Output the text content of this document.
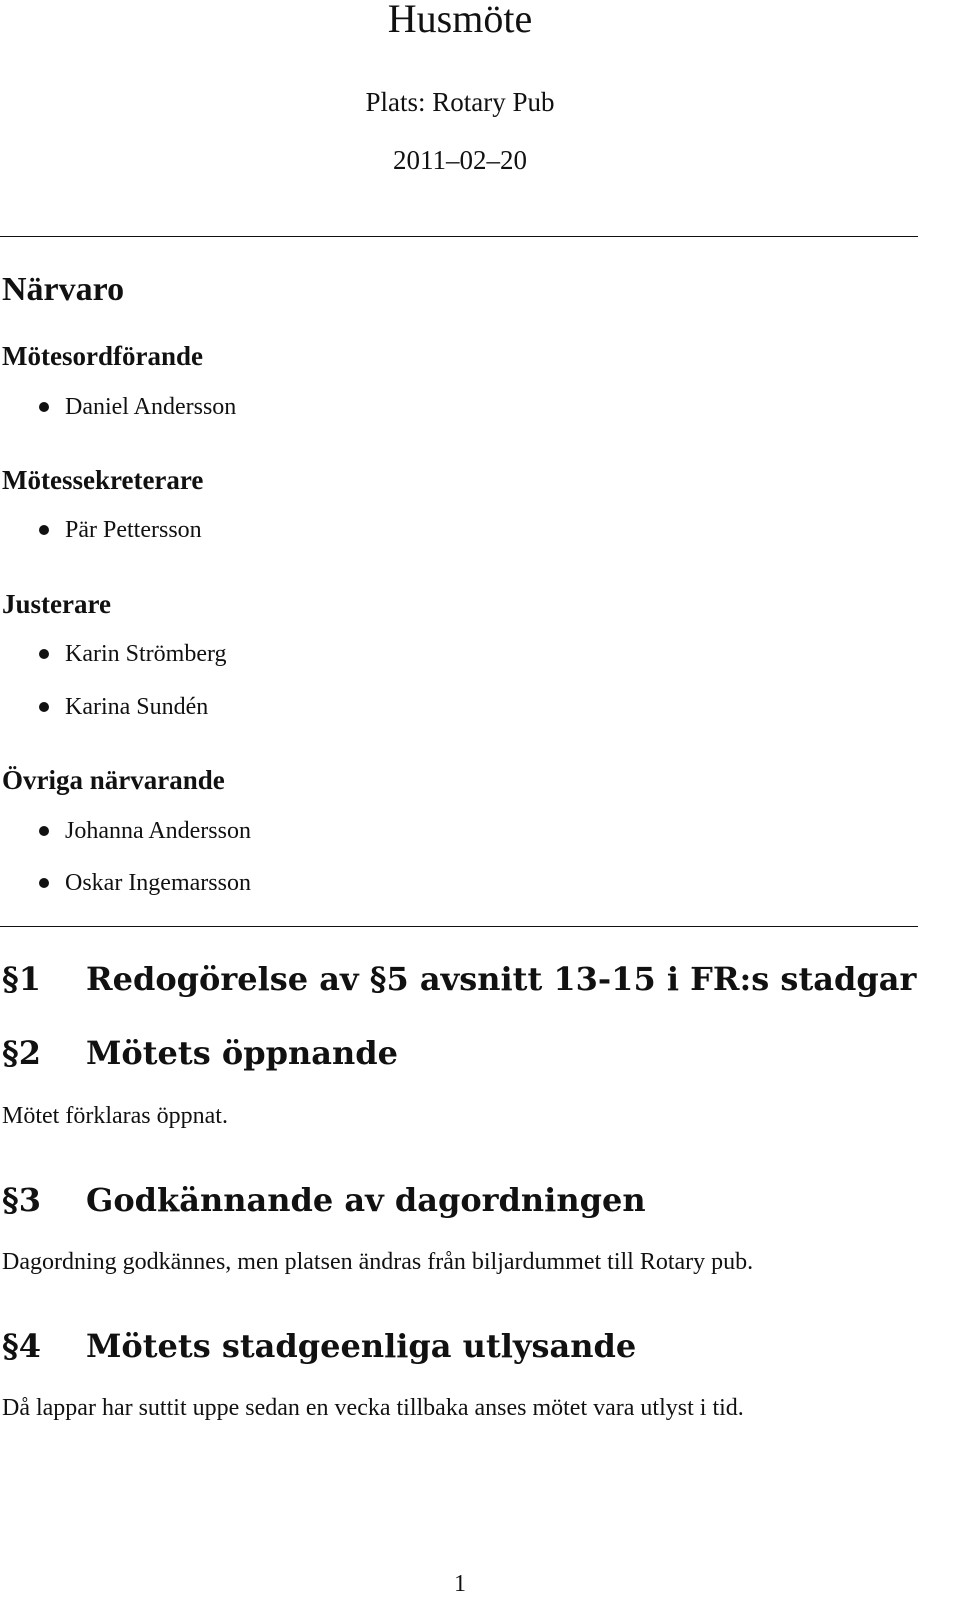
Husmöte
Plats: Rotary Pub
2011–02–20
Närvaro
Mötesordförande
Daniel Andersson
Mötessekreterare
Pär Pettersson
Justerare
Karin Strömberg
Karina Sundén
Övriga närvarande
Johanna Andersson
Oskar Ingemarsson
§1 Redogörelse av §5 avsnitt 13-15 i FR:s stadgar
§2 Mötets öppnande

Mötet förklaras öppnat.

§3 Godkännande av dagordningen

Dagordning godkännes, men platsen ändras från biljardummet till Rotary pub.

§4 Mötets stadgeenliga utlysande

Då lappar har suttit uppe sedan en vecka tillbaka anses mötet vara utlyst i tid.

1
